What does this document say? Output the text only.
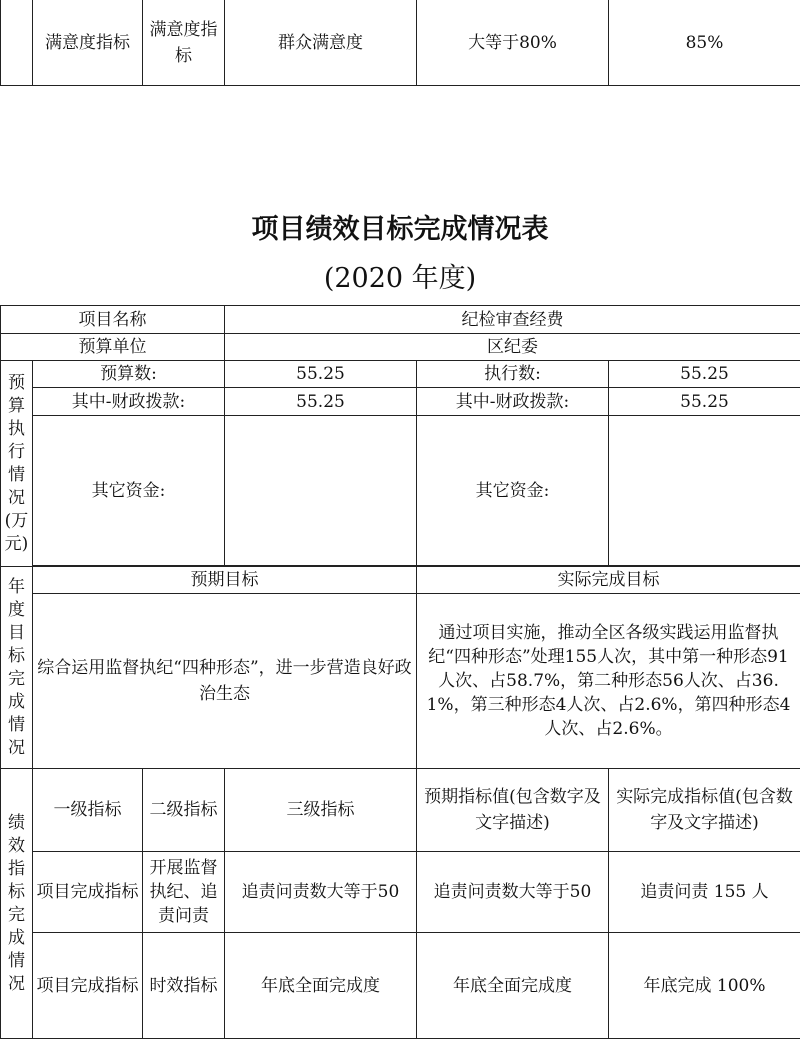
	满意度指标	满意度指标	群众满意度	大等于80%	85%
项目绩效目标完成情况表
(2020 年度)
项目名称			纪检审查经费		
预算单位			区纪委		
预算执行情况(万元)	预算数:		55.25	执行数:	55.25
	其中-财政拨款:		55.25	其中-财政拨款:	55.25
	其它资金:			其它资金:	

年度目标完成情况	预期目标			实际完成目标	
	综合运用监督执纪“四种形态”，进一步营造良好政治生态			通过项目实施，推动全区各级实践运用监督执纪“四种形态”处理155人次，其中第一种形态91人次、占58.7%，第二种形态56人次、占36.1%，第三种形态4人次、占2.6%，第四种形态4人次、占2.6%。	
绩效指标完成情况	一级指标	二级指标	三级指标	预期指标值(包含数字及文字描述)	实际完成指标值(包含数字及文字描述)
	项目完成指标	开展监督执纪、追责问责	追责问责数大等于50	追责问责数大等于50	追责问责 155 人
	项目完成指标	时效指标	年底全面完成度	年底全面完成度	年底完成 100%
